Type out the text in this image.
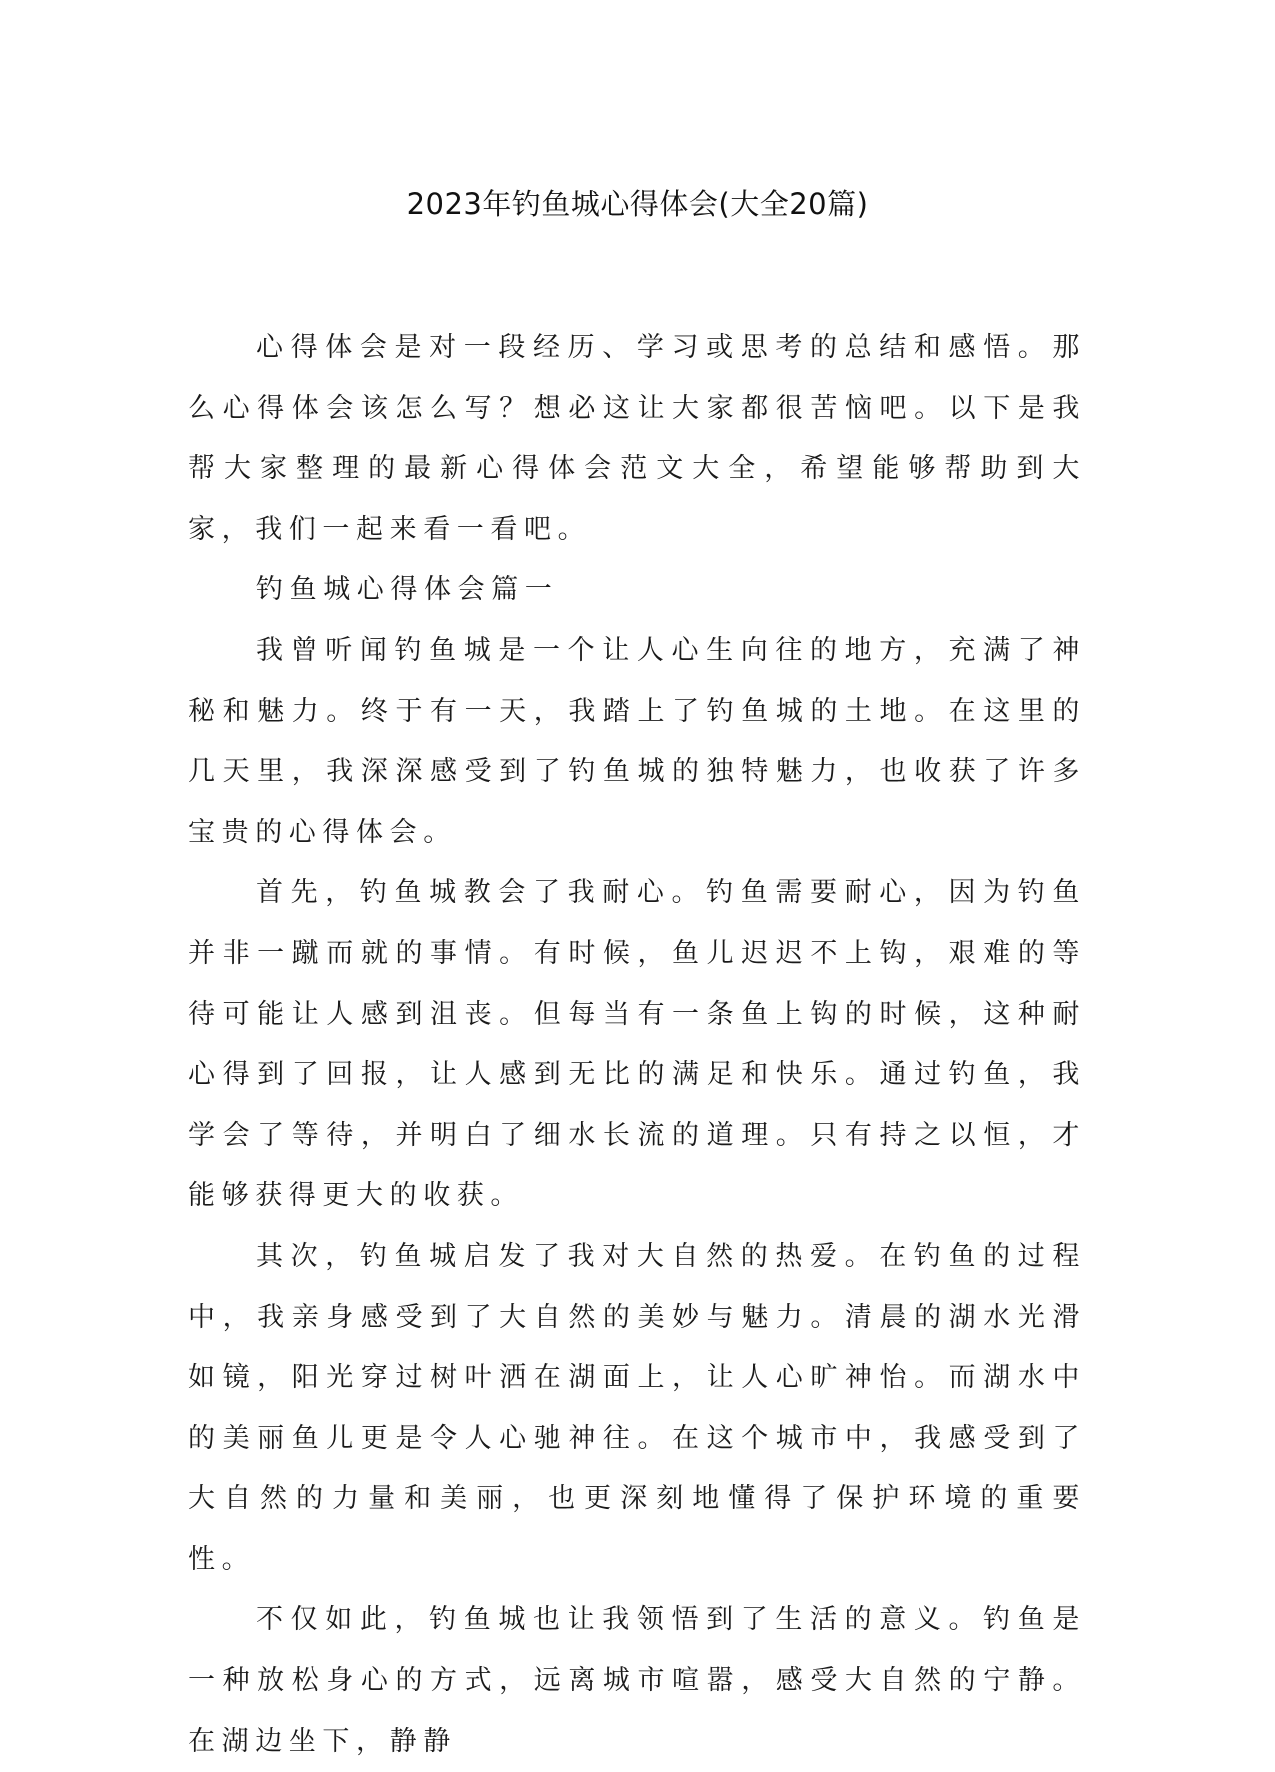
2023年钓鱼城心得体会(大全20篇)

心得体会是对一段经历、学习或思考的总结和感悟。那么心得体会该怎么写？想必这让大家都很苦恼吧。以下是我帮大家整理的最新心得体会范文大全，希望能够帮助到大家，我们一起来看一看吧。

钓鱼城心得体会篇一

我曾听闻钓鱼城是一个让人心生向往的地方，充满了神秘和魅力。终于有一天，我踏上了钓鱼城的土地。在这里的几天里，我深深感受到了钓鱼城的独特魅力，也收获了许多宝贵的心得体会。

首先，钓鱼城教会了我耐心。钓鱼需要耐心，因为钓鱼并非一蹴而就的事情。有时候，鱼儿迟迟不上钩，艰难的等待可能让人感到沮丧。但每当有一条鱼上钩的时候，这种耐心得到了回报，让人感到无比的满足和快乐。通过钓鱼，我学会了等待，并明白了细水长流的道理。只有持之以恒，才能够获得更大的收获。

其次，钓鱼城启发了我对大自然的热爱。在钓鱼的过程中，我亲身感受到了大自然的美妙与魅力。清晨的湖水光滑如镜，阳光穿过树叶洒在湖面上，让人心旷神怡。而湖水中的美丽鱼儿更是令人心驰神往。在这个城市中，我感受到了大自然的力量和美丽，也更深刻地懂得了保护环境的重要性。

不仅如此，钓鱼城也让我领悟到了生活的意义。钓鱼是一种放松身心的方式，远离城市喧嚣，感受大自然的宁静。在湖边坐下，静静
